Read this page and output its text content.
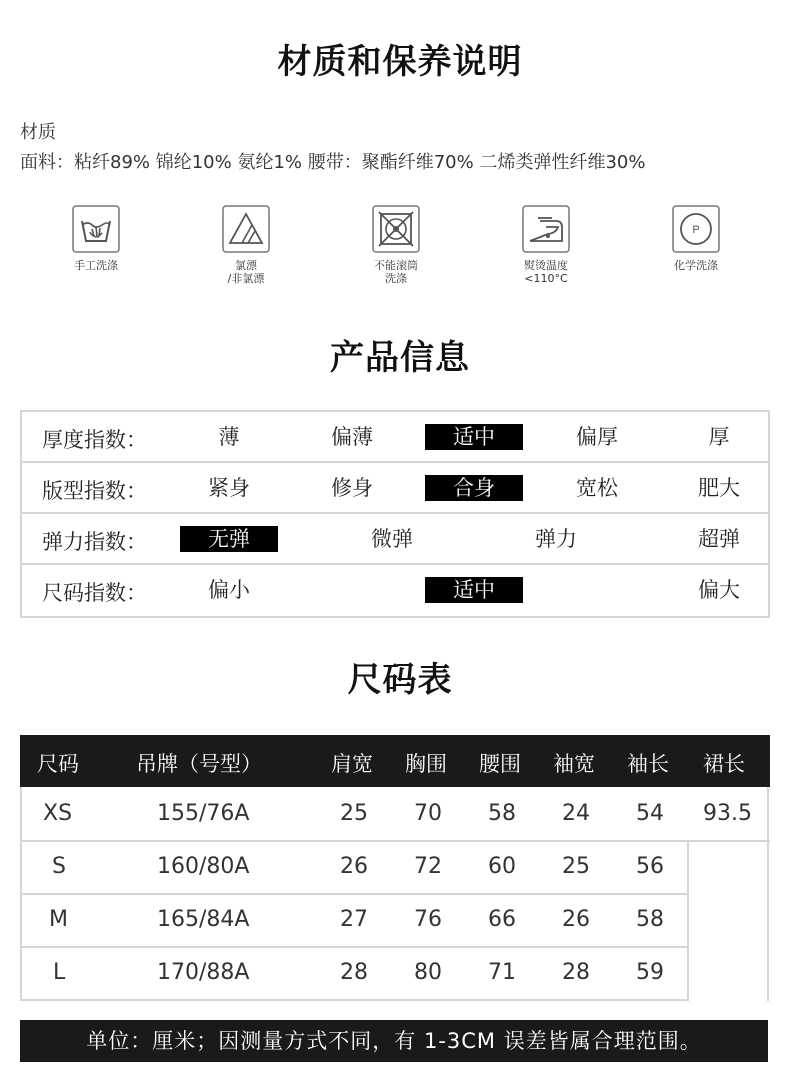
材质和保养说明
材质
面料：粘纤89% 锦纶10% 氨纶1% 腰带：聚酯纤维70% 二烯类弹性纤维30%
手工洗涤	氯漂
/非氯漂
不能滚筒
洗涤
熨烫温度
<110°C
P
化学洗涤
产品信息
厚度指数：	薄	偏薄	适中	偏厚	厚
版型指数：	紧身	修身	合身	宽松	肥大
弹力指数：	无弹	微弹	弹力	超弹
尺码指数：	偏小	适中	偏大
尺码表
尺码	吊牌（号型）	肩宽 胸围 腰围 袖宽 袖长 裙长
XS	155/76A	25 70 58 24 54 93.5
S	160/80A	26 72 60 25 56
M	165/84A	27 76 66 26 58
L	170/88A	28 80 71 28 59
单位：厘米；因测量方式不同，有 1-3CM 误差皆属合理范围。
